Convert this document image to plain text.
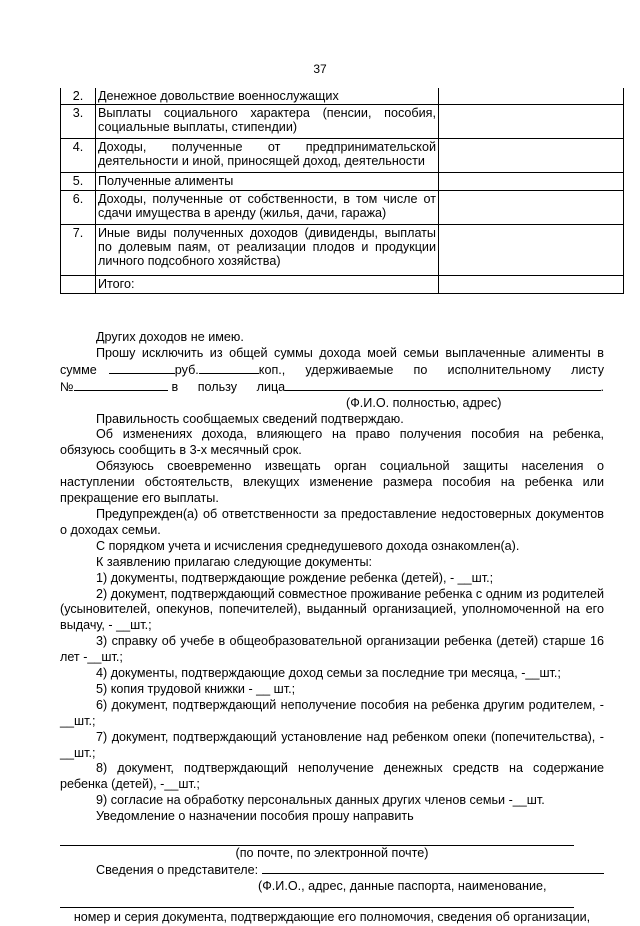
37
2.	Денежное довольствие военнослужащих	
3.	Выплаты социального характера (пенсии, пособия, социальные выплаты, стипендии)	
4.	Доходы, полученные от предпринимательской деятельности и иной, приносящей доход, деятельности	
5.	Полученные алименты	
6.	Доходы, полученные от собственности, в том числе от сдачи имущества в аренду (жилья, дачи, гаража)	
7.	Иные виды полученных доходов (дивиденды, выплаты по долевым паям, от реализации плодов и продукции личного подсобного хозяйства)	
	Итого:	

Других доходов не имею.

Прошу исключить из общей суммы дохода моей семьи выплаченные алименты в

сумме	руб.	коп., удерживаемые по исполнительному листу

№	в пользу лица	.

(Ф.И.О. полностью, адрес)

Правильность сообщаемых сведений подтверждаю.

Об изменениях дохода, влияющего на право получения пособия на ребенка, обязуюсь сообщить в 3-х месячный срок.

Обязуюсь своевременно извещать орган социальной защиты населения о наступлении обстоятельств, влекущих изменение размера пособия на ребенка или прекращение его выплаты.

Предупрежден(а) об ответственности за предоставление недостоверных документов о доходах семьи.

С порядком учета и исчисления среднедушевого дохода ознакомлен(а).

К заявлению прилагаю следующие документы:

1) документы, подтверждающие рождение ребенка (детей), - __шт.;

2) документ, подтверждающий совместное проживание ребенка с одним из родителей (усыновителей, опекунов, попечителей), выданный организацией, уполномоченной на его выдачу, - __шт.;

3) справку об учебе в общеобразовательной организации ребенка (детей) старше 16 лет -__шт.;

4) документы, подтверждающие доход семьи за последние три месяца, -__шт.;

5) копия трудовой книжки - __ шт.;

6) документ, подтверждающий неполучение пособия на ребенка другим родителем, - __шт.;

7) документ, подтверждающий установление над ребенком опеки (попечительства), - __шт.;

8) документ, подтверждающий неполучение денежных средств на содержание ребенка (детей), -__шт.;

9) согласие на обработку персональных данных других членов семьи -__шт.

Уведомление о назначении пособия прошу направить

(по почте, по электронной почте)

Сведения о представителе:

(Ф.И.О., адрес, данные паспорта, наименование,

номер и серия документа, подтверждающие его полномочия, сведения об организации,
